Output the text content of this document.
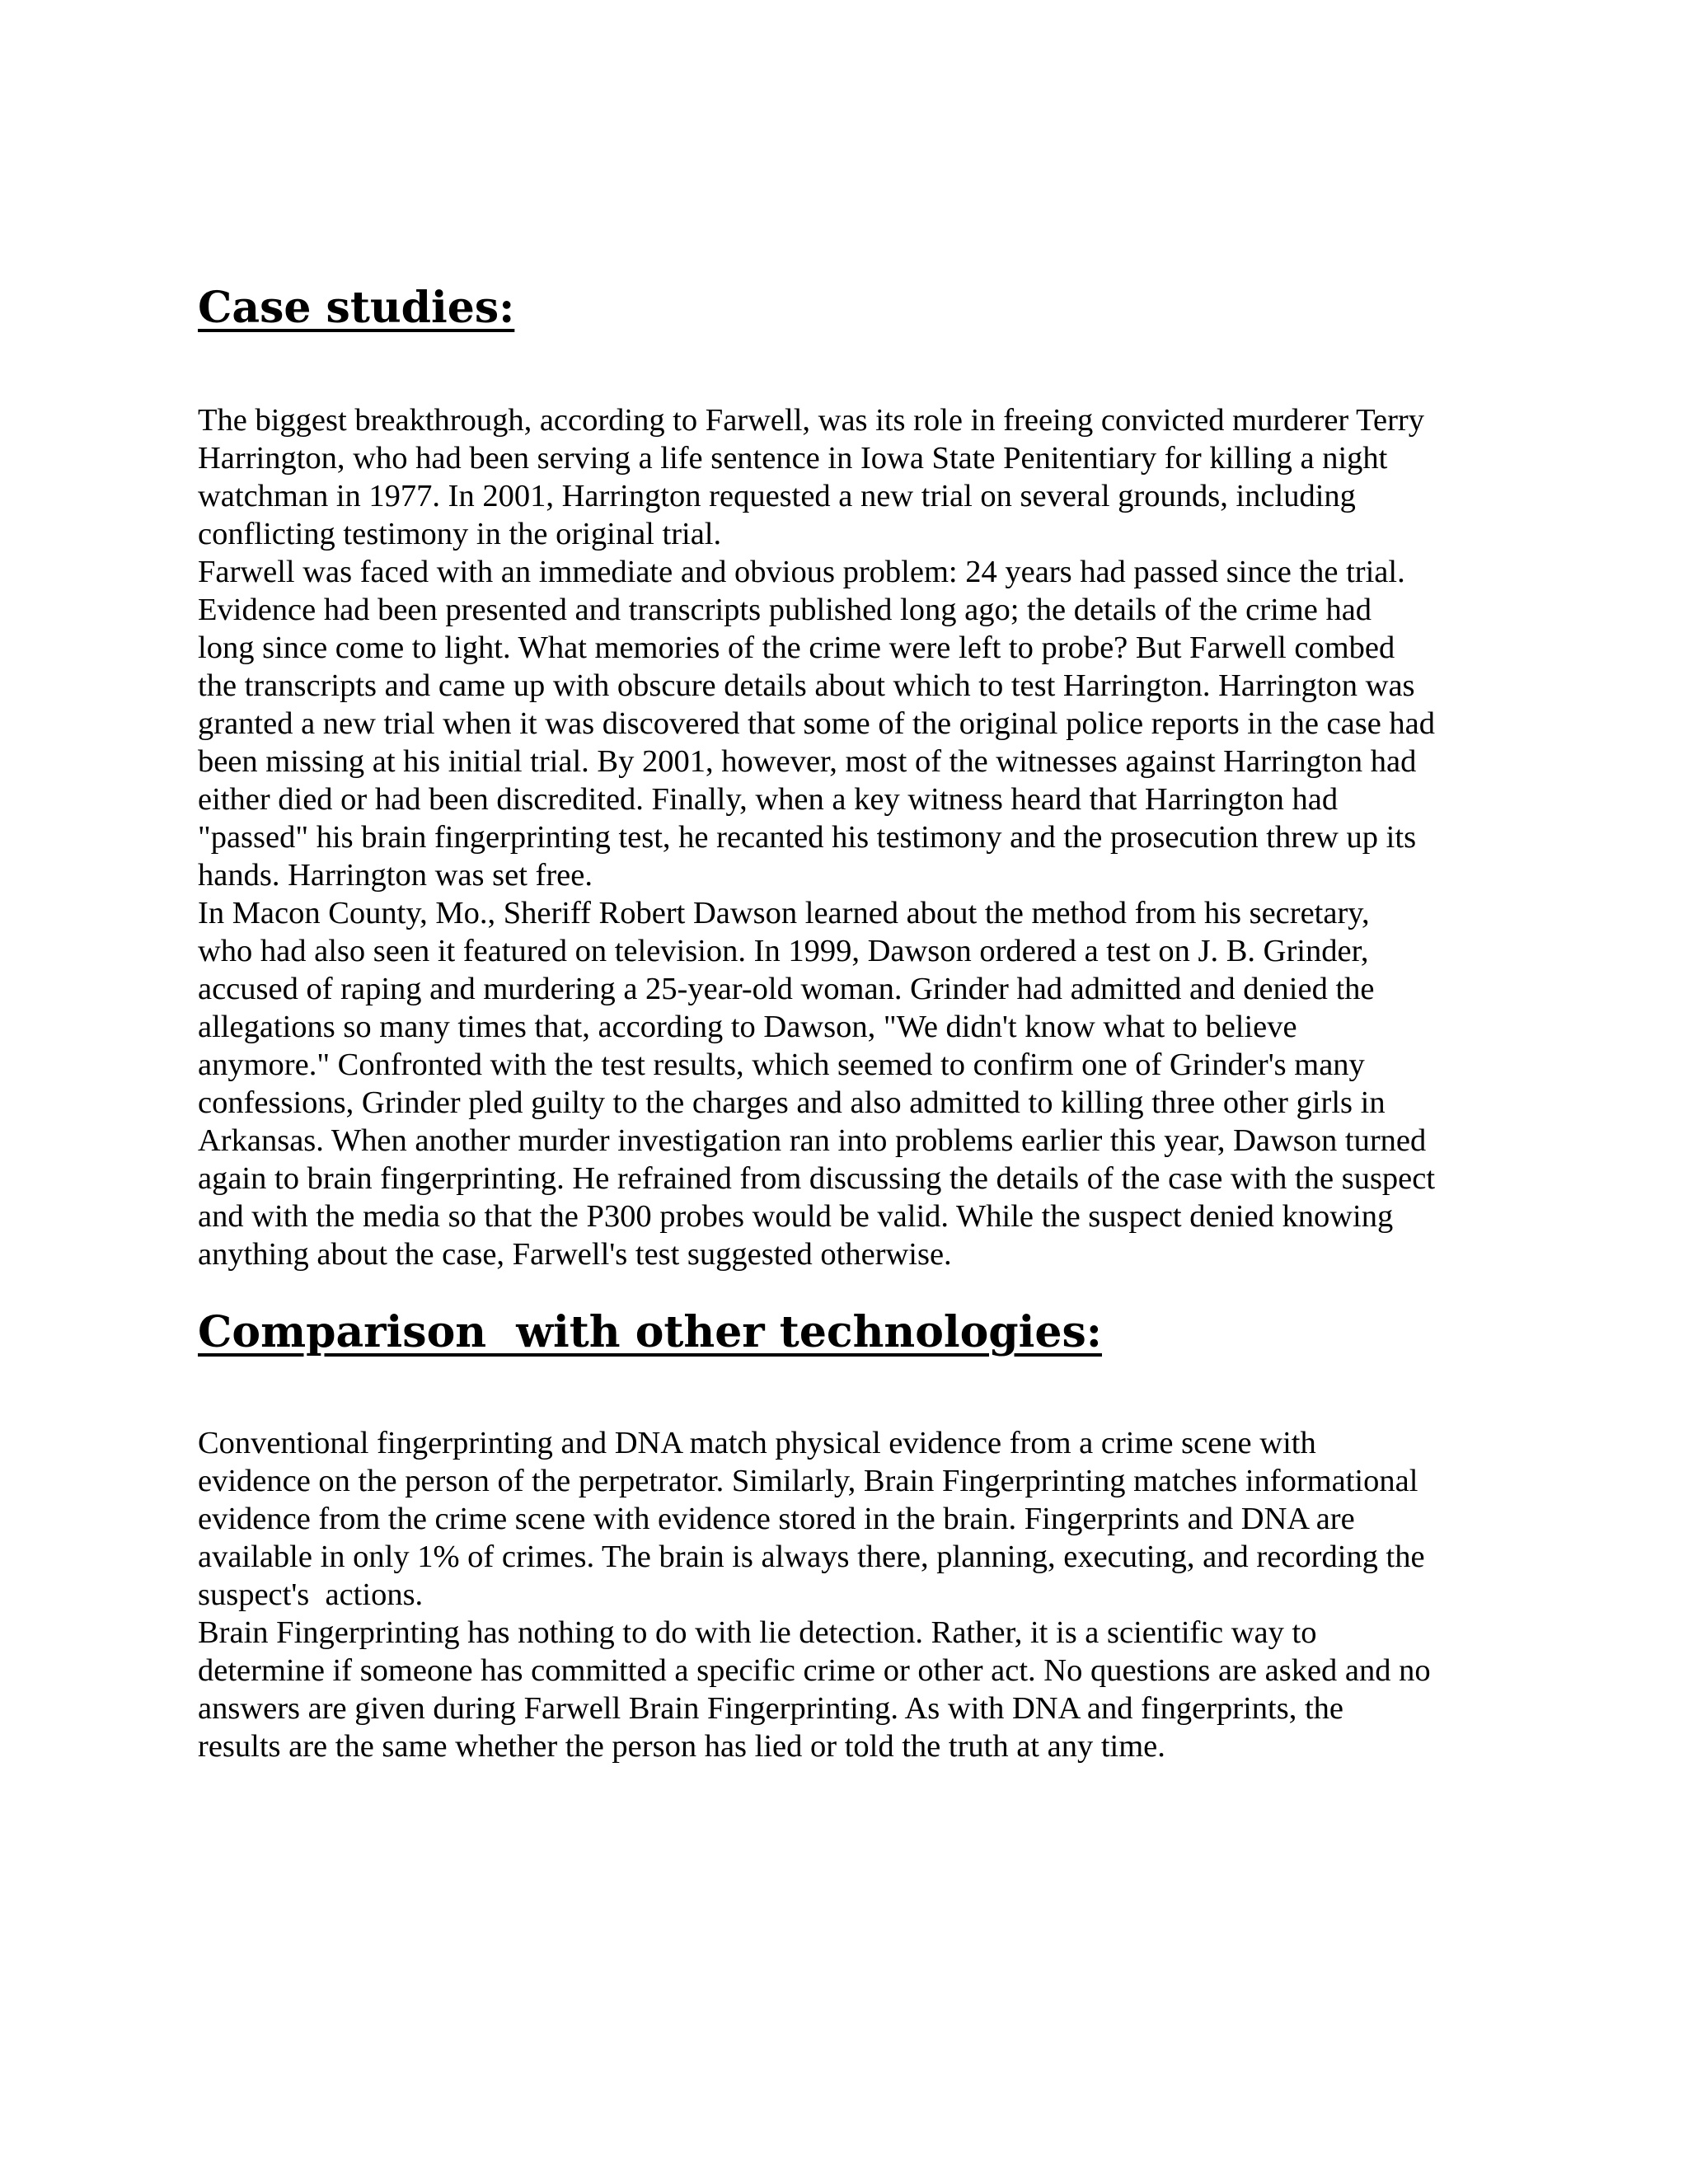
Case studies:
The biggest breakthrough, according to Farwell, was its role in freeing convicted murderer Terry
Harrington, who had been serving a life sentence in Iowa State Penitentiary for killing a night
watchman in 1977. In 2001, Harrington requested a new trial on several grounds, including
conflicting testimony in the original trial.
Farwell was faced with an immediate and obvious problem: 24 years had passed since the trial.
Evidence had been presented and transcripts published long ago; the details of the crime had
long since come to light. What memories of the crime were left to probe? But Farwell combed
the transcripts and came up with obscure details about which to test Harrington. Harrington was
granted a new trial when it was discovered that some of the original police reports in the case had
been missing at his initial trial. By 2001, however, most of the witnesses against Harrington had
either died or had been discredited. Finally, when a key witness heard that Harrington had
"passed" his brain fingerprinting test, he recanted his testimony and the prosecution threw up its
hands. Harrington was set free.
In Macon County, Mo., Sheriff Robert Dawson learned about the method from his secretary,
who had also seen it featured on television. In 1999, Dawson ordered a test on J. B. Grinder,
accused of raping and murdering a 25-year-old woman. Grinder had admitted and denied the
allegations so many times that, according to Dawson, "We didn't know what to believe
anymore." Confronted with the test results, which seemed to confirm one of Grinder's many
confessions, Grinder pled guilty to the charges and also admitted to killing three other girls in
Arkansas. When another murder investigation ran into problems earlier this year, Dawson turned
again to brain fingerprinting. He refrained from discussing the details of the case with the suspect
and with the media so that the P300 probes would be valid. While the suspect denied knowing
anything about the case, Farwell's test suggested otherwise.
Comparison  with other technologies:
Conventional fingerprinting and DNA match physical evidence from a crime scene with
evidence on the person of the perpetrator. Similarly, Brain Fingerprinting matches informational
evidence from the crime scene with evidence stored in the brain. Fingerprints and DNA are
available in only 1% of crimes. The brain is always there, planning, executing, and recording the
suspect's  actions.
Brain Fingerprinting has nothing to do with lie detection. Rather, it is a scientific way to
determine if someone has committed a specific crime or other act. No questions are asked and no
answers are given during Farwell Brain Fingerprinting. As with DNA and fingerprints, the
results are the same whether the person has lied or told the truth at any time.
